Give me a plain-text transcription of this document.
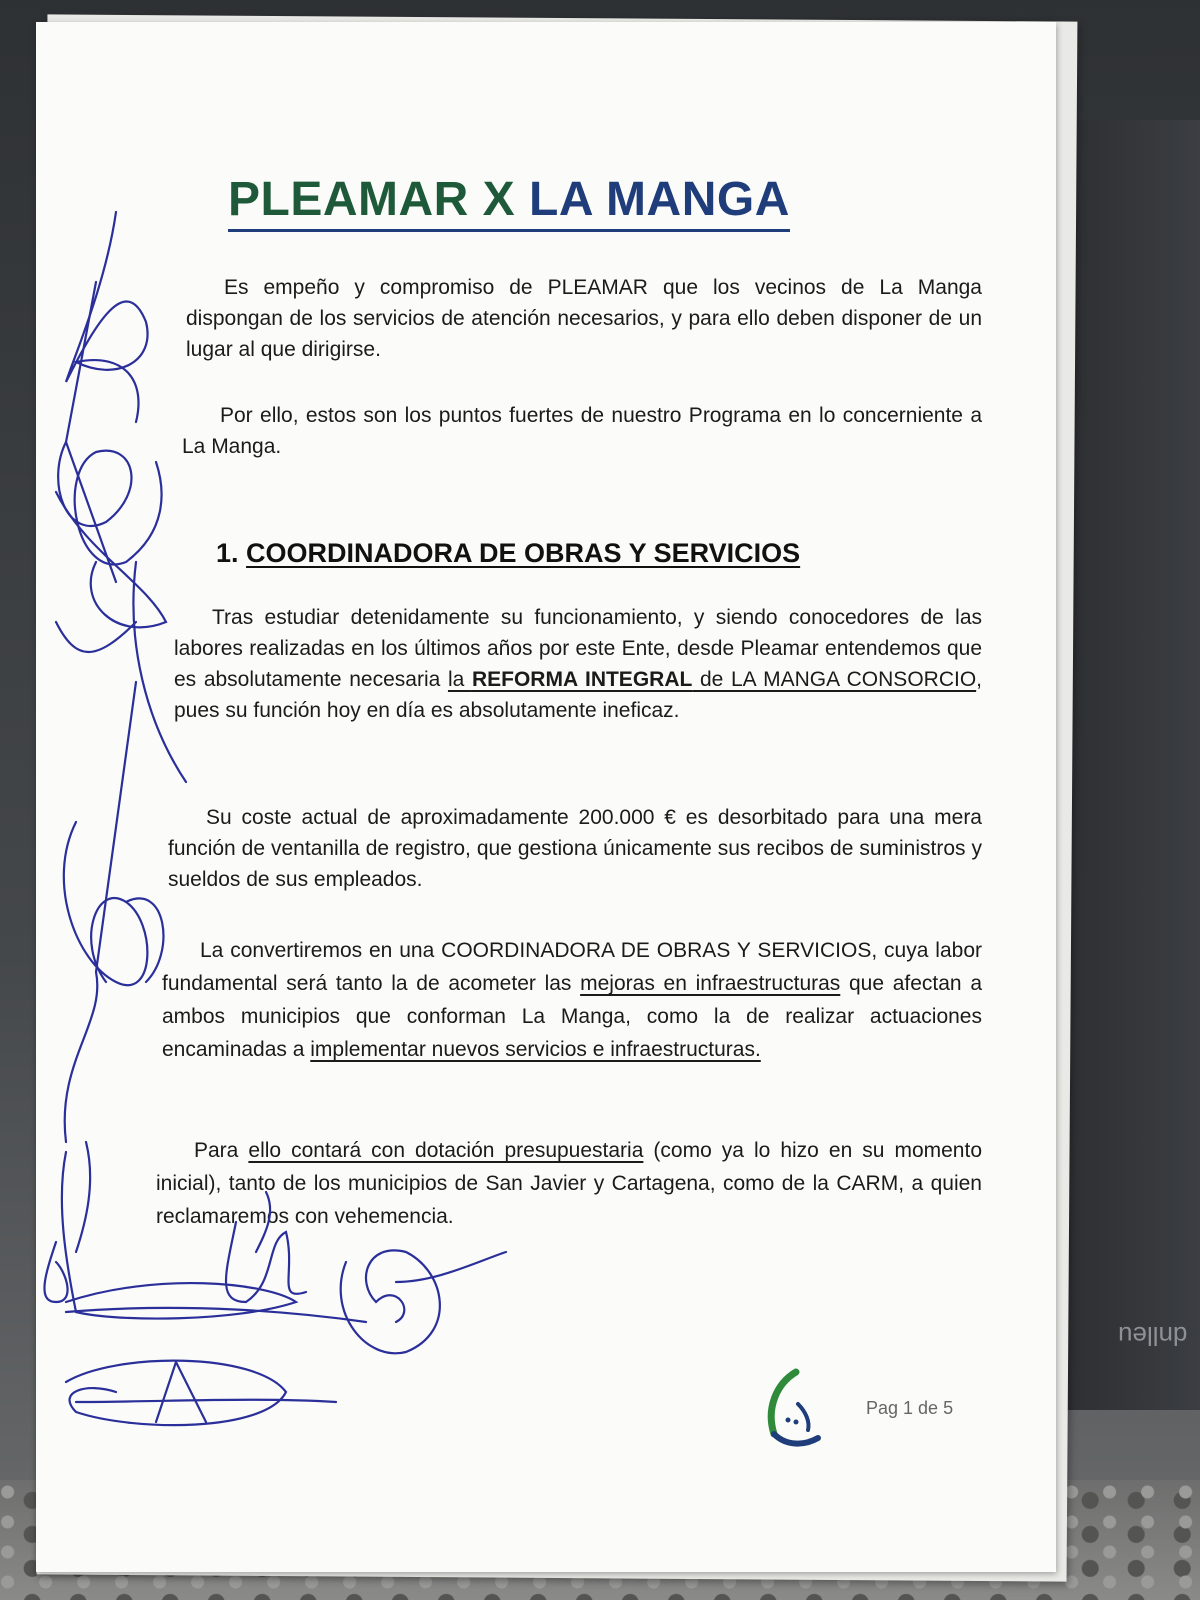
dnlleu
PLEAMAR X LA MANGA
Es empeño y compromiso de PLEAMAR que los vecinos de La Manga dispongan de los servicios de atención necesarios, y para ello deben disponer de un lugar al que dirigirse.
Por ello, estos son los puntos fuertes de nuestro Programa en lo concerniente a La Manga.
1. COORDINADORA DE OBRAS Y SERVICIOS
Tras estudiar detenidamente su funcionamiento, y siendo conocedores de las labores realizadas en los últimos años por este Ente, desde Pleamar entendemos que es absolutamente necesaria la REFORMA INTEGRAL de LA MANGA CONSORCIO, pues su función hoy en día es absolutamente ineficaz.
Su coste actual de aproximadamente 200.000 € es desorbitado para una mera función de ventanilla de registro, que gestiona únicamente sus recibos de suministros y sueldos de sus empleados.
La convertiremos en una COORDINADORA DE OBRAS Y SERVICIOS, cuya labor fundamental será tanto la de acometer las mejoras en infraestructuras que afectan a ambos municipios que conforman La Manga, como la de realizar actuaciones encaminadas a implementar nuevos servicios e infraestructuras.
Para ello contará con dotación presupuestaria (como ya lo hizo en su momento inicial), tanto de los municipios de San Javier y Cartagena, como de la CARM, a quien reclamaremos con vehemencia.
Pag 1 de 5
